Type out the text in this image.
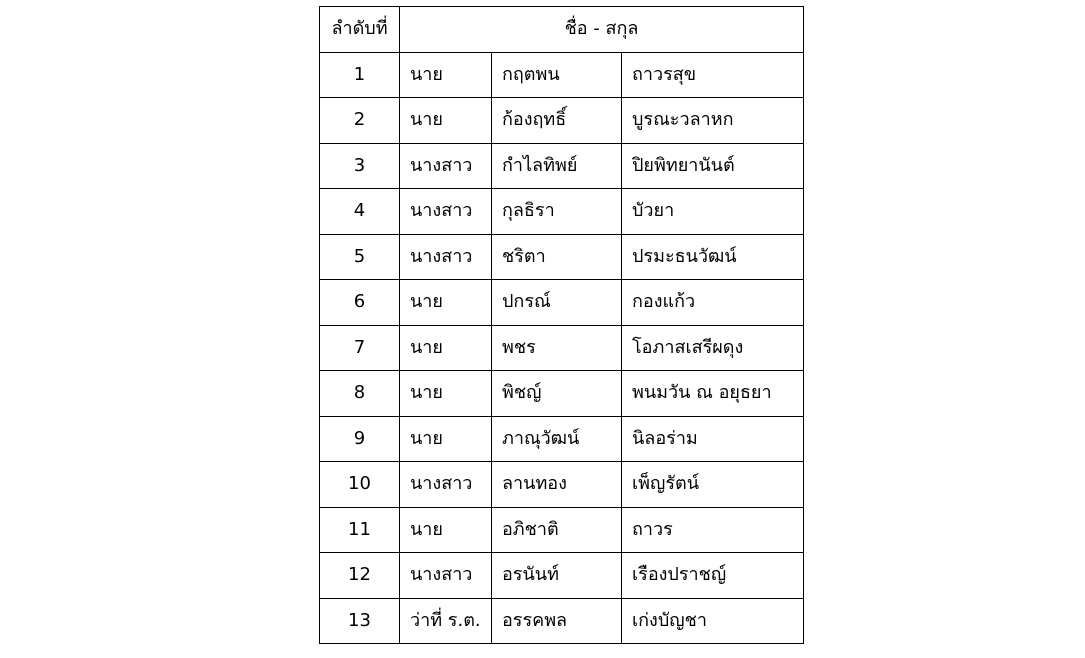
ลำดับที่	ชื่อ - สกุล		
1	นาย	กฤตพน	ถาวรสุข
2	นาย	ก้องฤทธิ์	บูรณะวลาหก
3	นางสาว	กำไลทิพย์	ปิยพิทยานันต์
4	นางสาว	กุลธิรา	บัวยา
5	นางสาว	ชริตา	ปรมะธนวัฒน์
6	นาย	ปกรณ์	กองแก้ว
7	นาย	พชร	โอภาสเสรีผดุง
8	นาย	พิชญ์	พนมวัน ณ อยุธยา
9	นาย	ภาณุวัฒน์	นิลอร่าม
10	นางสาว	ลานทอง	เพ็ญรัตน์
11	นาย	อภิชาติ	ถาวร
12	นางสาว	อรนันท์	เรืองปราชญ์
13	ว่าที่ ร.ต.	อรรคพล	เก่งบัญชา
